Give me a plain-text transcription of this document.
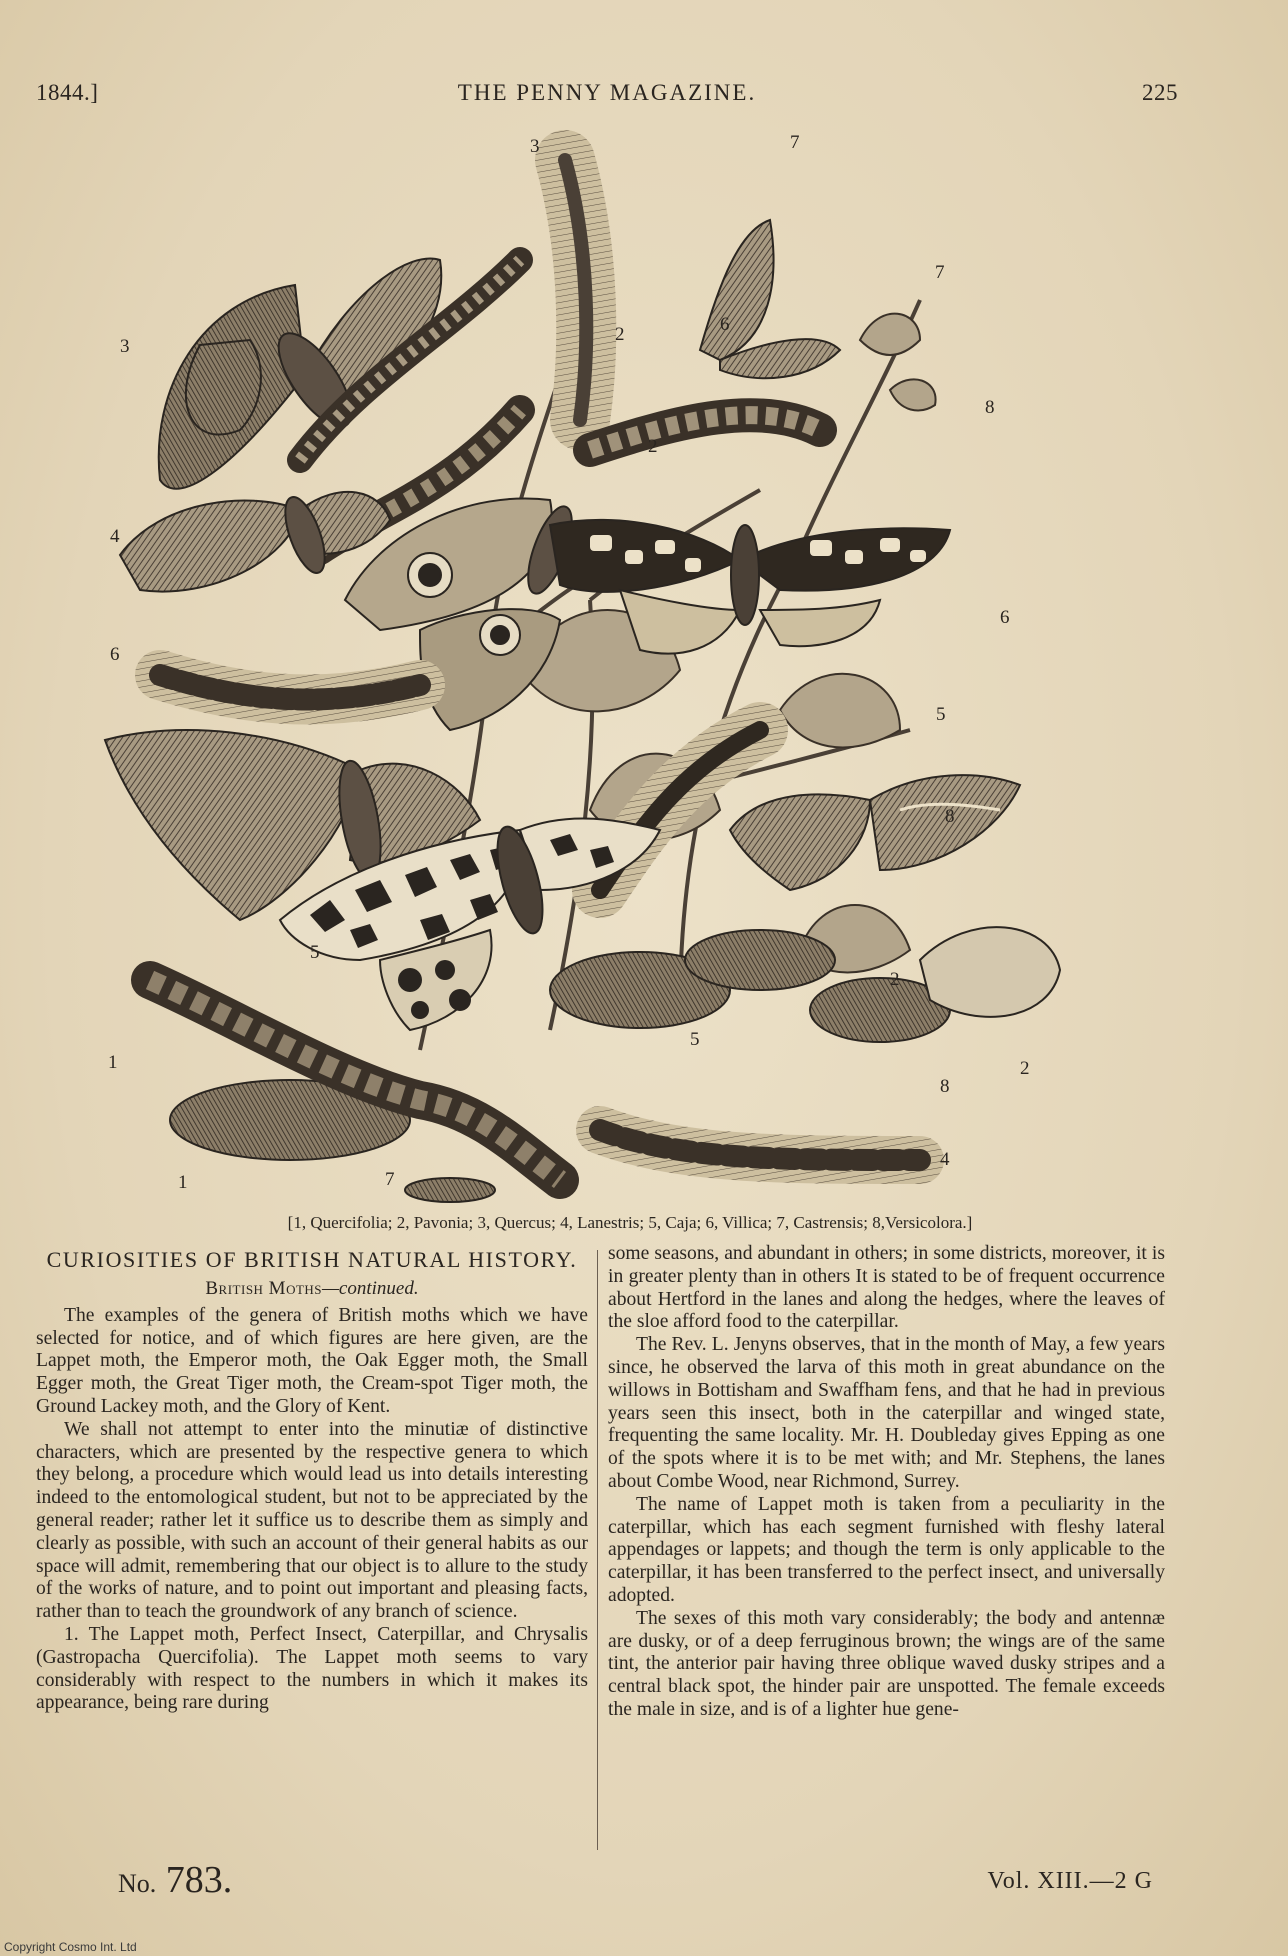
1844.]	THE PENNY MAGAZINE.	225
1
1
2
2
2
2
3
3
4
4
5
5
5
6
6
6
7
7
7
8
8
8
[1, Quercifolia; 2, Pavonia; 3, Quercus; 4, Lanestris; 5, Caja; 6, Villica; 7, Castrensis; 8,Versicolora.]
CURIOSITIES OF BRITISH NATURAL HISTORY.
British Moths—continued.

The examples of the genera of British moths which we have selected for notice, and of which figures are here given, are the Lappet moth, the Emperor moth, the Oak Egger moth, the Small Egger moth, the Great Tiger moth, the Cream-spot Tiger moth, the Ground Lackey moth, and the Glory of Kent.

We shall not attempt to enter into the minutiæ of distinctive characters, which are presented by the respective genera to which they belong, a procedure which would lead us into details interesting indeed to the entomological student, but not to be appreciated by the general reader; rather let it suffice us to describe them as simply and clearly as possible, with such an account of their general habits as our space will admit, remembering that our object is to allure to the study of the works of nature, and to point out important and pleasing facts, rather than to teach the groundwork of any branch of science.

1. The Lappet moth, Perfect Insect, Caterpillar, and Chrysalis (Gastropacha Quercifolia). The Lappet moth seems to vary considerably with respect to the numbers in which it makes its appearance, being rare during

some seasons, and abundant in others; in some districts, moreover, it is in greater plenty than in others It is stated to be of frequent occurrence about Hertford in the lanes and along the hedges, where the leaves of the sloe afford food to the caterpillar.

The Rev. L. Jenyns observes, that in the month of May, a few years since, he observed the larva of this moth in great abundance on the willows in Bottisham and Swaffham fens, and that he had in previous years seen this insect, both in the caterpillar and winged state, frequenting the same locality. Mr. H. Doubleday gives Epping as one of the spots where it is to be met with; and Mr. Stephens, the lanes about Combe Wood, near Richmond, Surrey.

The name of Lappet moth is taken from a peculiarity in the caterpillar, which has each segment furnished with fleshy lateral appendages or lappets; and though the term is only applicable to the caterpillar, it has been transferred to the perfect insect, and universally adopted.

The sexes of this moth vary considerably; the body and antennæ are dusky, or of a deep ferruginous brown; the wings are of the same tint, the anterior pair having three oblique waved dusky stripes and a central black spot, the hinder pair are unspotted. The female exceeds the male in size, and is of a lighter hue gene-

No. 783.	Vol. XIII.—2 G
Copyright Cosmo Int. Ltd
